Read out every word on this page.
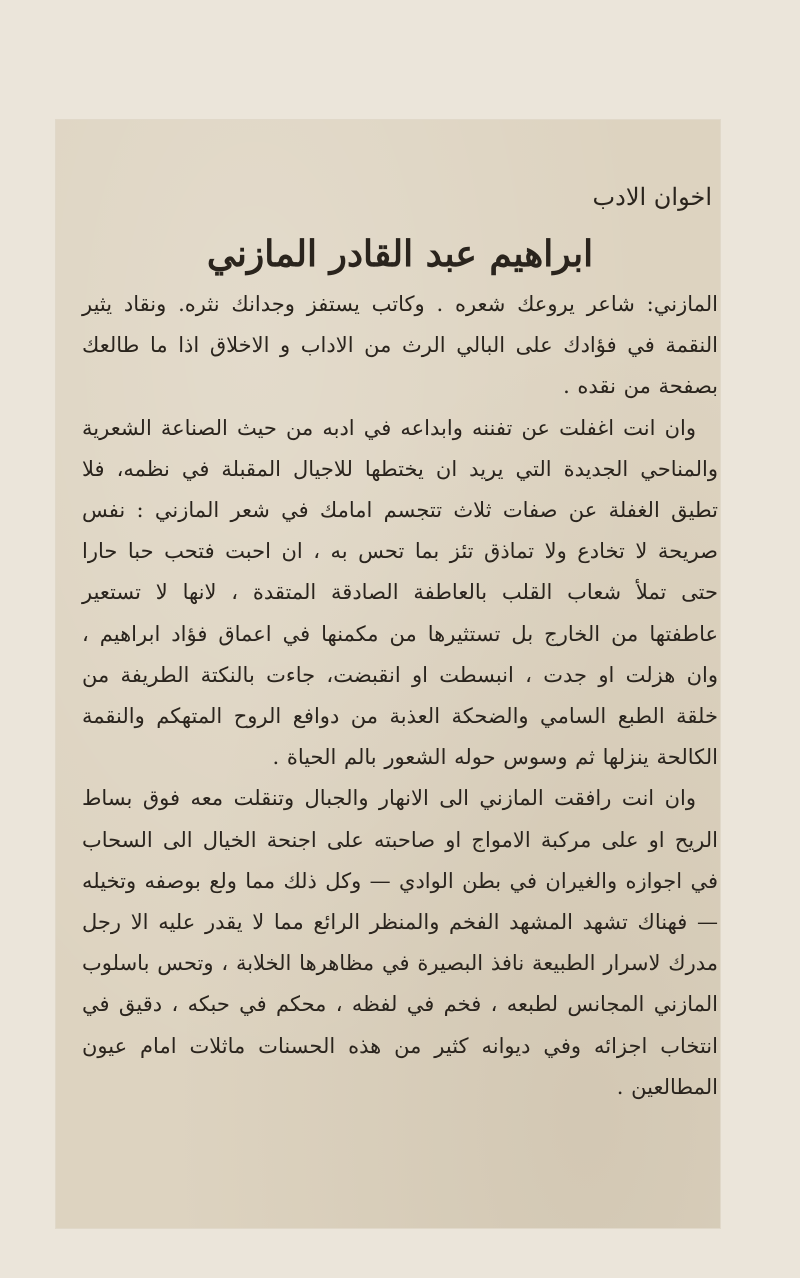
اخوان الادب
ابراهيم عبد القادر المازني

المازني: شاعر يروعك شعره . وكاتب يستفز وجدانك نثره. ونقاد يثير النقمة في فؤادك على البالي الرث من الاداب و الاخلاق اذا ما طالعك بصفحة من نقده .

وان انت اغفلت عن تفننه وابداعه في ادبه من حيث الصناعة الشعرية والمناحي الجديدة التي يريد ان يختطها للاجيال المقبلة في نظمه، فلا تطيق الغفلة عن صفات ثلاث تتجسم امامك في شعر المازني : نفس صريحة لا تخادع ولا تماذق تئز بما تحس به ، ان احبت فتحب حبا حارا حتى تملأ شعاب القلب بالعاطفة الصادقة المتقدة ، لانها لا تستعير عاطفتها من الخارج بل تستثيرها من مكمنها في اعماق فؤاد ابراهيم ، وان هزلت او جدت ، انبسطت او انقبضت، جاءت بالنكتة الطريفة من خلقة الطبع السامي والضحكة العذبة من دوافع الروح المتهكم والنقمة الكالحة ينزلها ثم وسوس حوله الشعور بالم الحياة .

وان انت رافقت المازني الى الانهار والجبال وتنقلت معه فوق بساط الريح او على مركبة الامواج او صاحبته على اجنحة الخيال الى السحاب في اجوازه والغيران في بطن الوادي — وكل ذلك مما ولع بوصفه وتخيله — فهناك تشهد المشهد الفخم والمنظر الرائع مما لا يقدر عليه الا رجل مدرك لاسرار الطبيعة نافذ البصيرة في مظاهرها الخلابة ، وتحس باسلوب المازني المجانس لطبعه ، فخم في لفظه ، محكم في حبكه ، دقيق في انتخاب اجزائه وفي ديوانه كثير من هذه الحسنات ماثلات امام عيون المطالعين .
